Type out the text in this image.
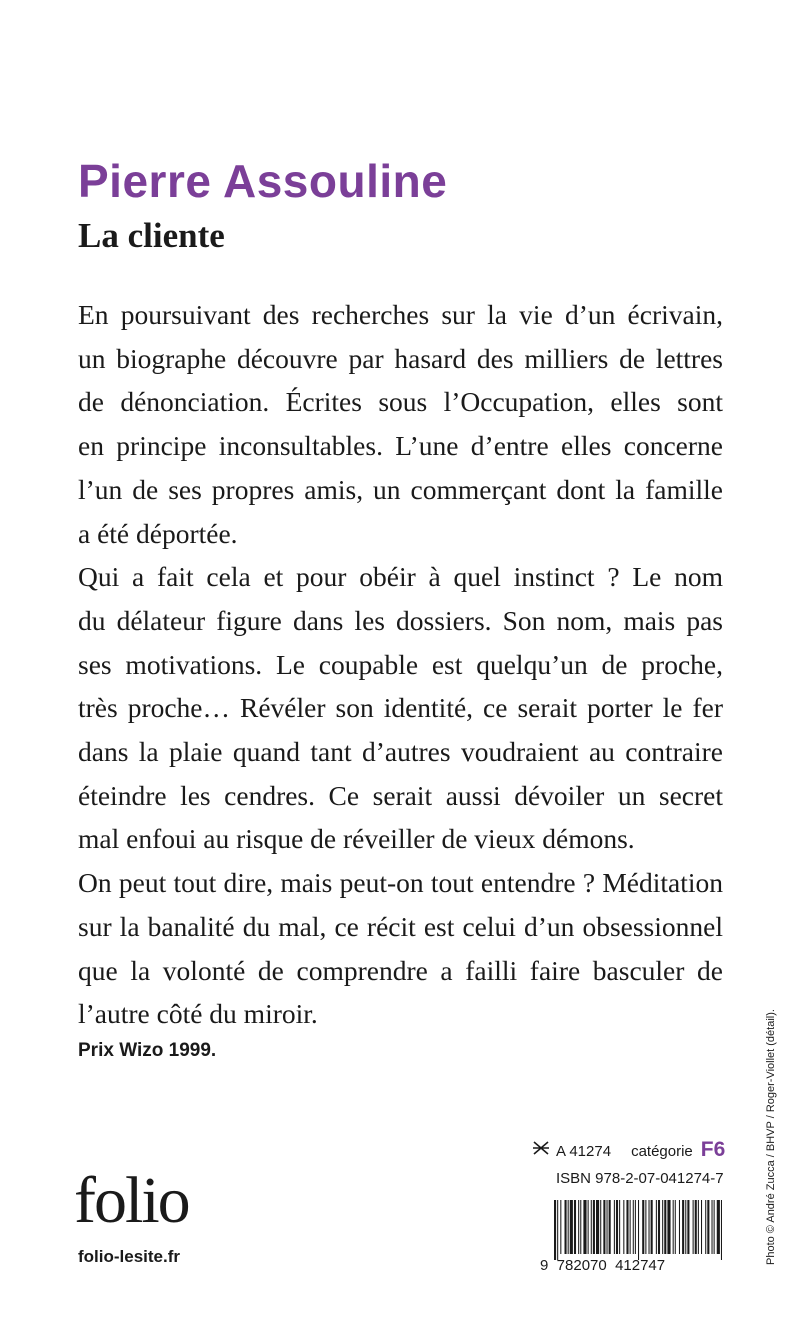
Pierre Assouline
La cliente
En poursuivant des recherches sur la vie d’un écrivain,
un biographe découvre par hasard des milliers de lettres
de dénonciation. Écrites sous l’Occupation, elles sont
en principe inconsultables. L’une d’entre elles concerne
l’un de ses propres amis, un commerçant dont la famille
a été déportée.
Qui a fait cela et pour obéir à quel instinct ? Le nom
du délateur figure dans les dossiers. Son nom, mais pas
ses motivations. Le coupable est quelqu’un de proche,
très proche… Révéler son identité, ce serait porter le fer
dans la plaie quand tant d’autres voudraient au contraire
éteindre les cendres. Ce serait aussi dévoiler un secret
mal enfoui au risque de réveiller de vieux démons.
On peut tout dire, mais peut-on tout entendre ? Méditation
sur la banalité du mal, ce récit est celui d’un obsessionnel
que la volonté de comprendre a failli faire basculer de
l’autre côté du miroir.
Prix Wizo 1999.
folio
folio-lesite.fr
A 41274 catégorie F6
ISBN 978-2-07-041274-7
9  782070  412747
Photo © André Zucca / BHVP / Roger-Viollet (détail).
